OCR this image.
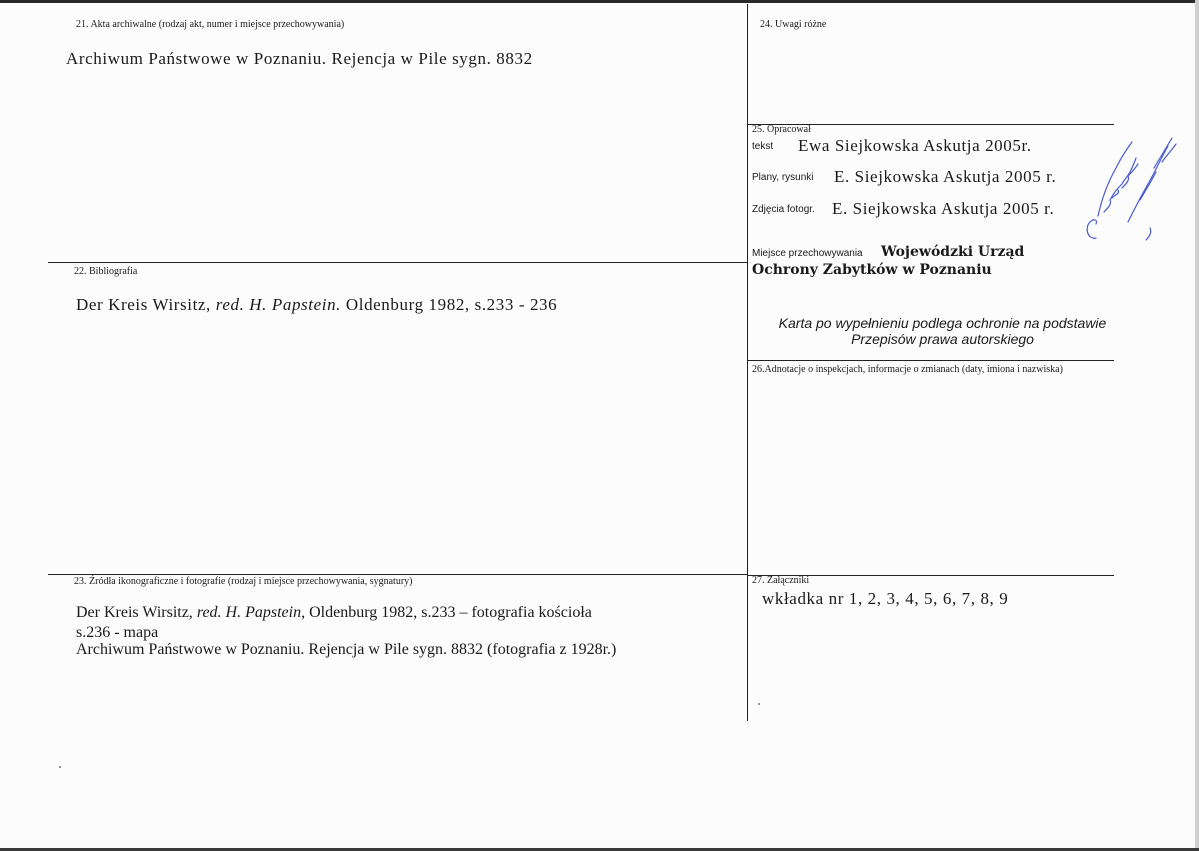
21. Akta archiwalne (rodzaj akt, numer i miejsce przechowywania)
Archiwum Państwowe w Poznaniu. Rejencja w Pile sygn. 8832
22. Bibliografia
Der Kreis Wirsitz, red. H. Papstein. Oldenburg 1982, s.233 - 236
23. Źródła ikonograficzne i fotografie (rodzaj i miejsce przechowywania, sygnatury)
Der Kreis Wirsitz, red. H. Papstein, Oldenburg 1982, s.233 – fotografia kościoła
s.236 - mapa
Archiwum Państwowe w Poznaniu. Rejencja w Pile sygn. 8832 (fotografia z 1928r.)
24. Uwagi różne
25. Opracował
tekst Ewa Siejkowska Askutja 2005r.
Plany, rysunki E. Siejkowska Askutja 2005 r.
Zdjęcia fotogr. E. Siejkowska Askutja 2005 r.
Miejsce przechowywania Wojewódzki Urząd
Ochrony Zabytków w Poznaniu
Karta po wypełnieniu podlega ochronie na podstawie
Przepisów prawa autorskiego
26.Adnotacje o inspekcjach, informacje o zmianach (daty, imiona i nazwiska)
27. Załączniki
wkładka nr 1, 2, 3, 4, 5, 6, 7, 8, 9
